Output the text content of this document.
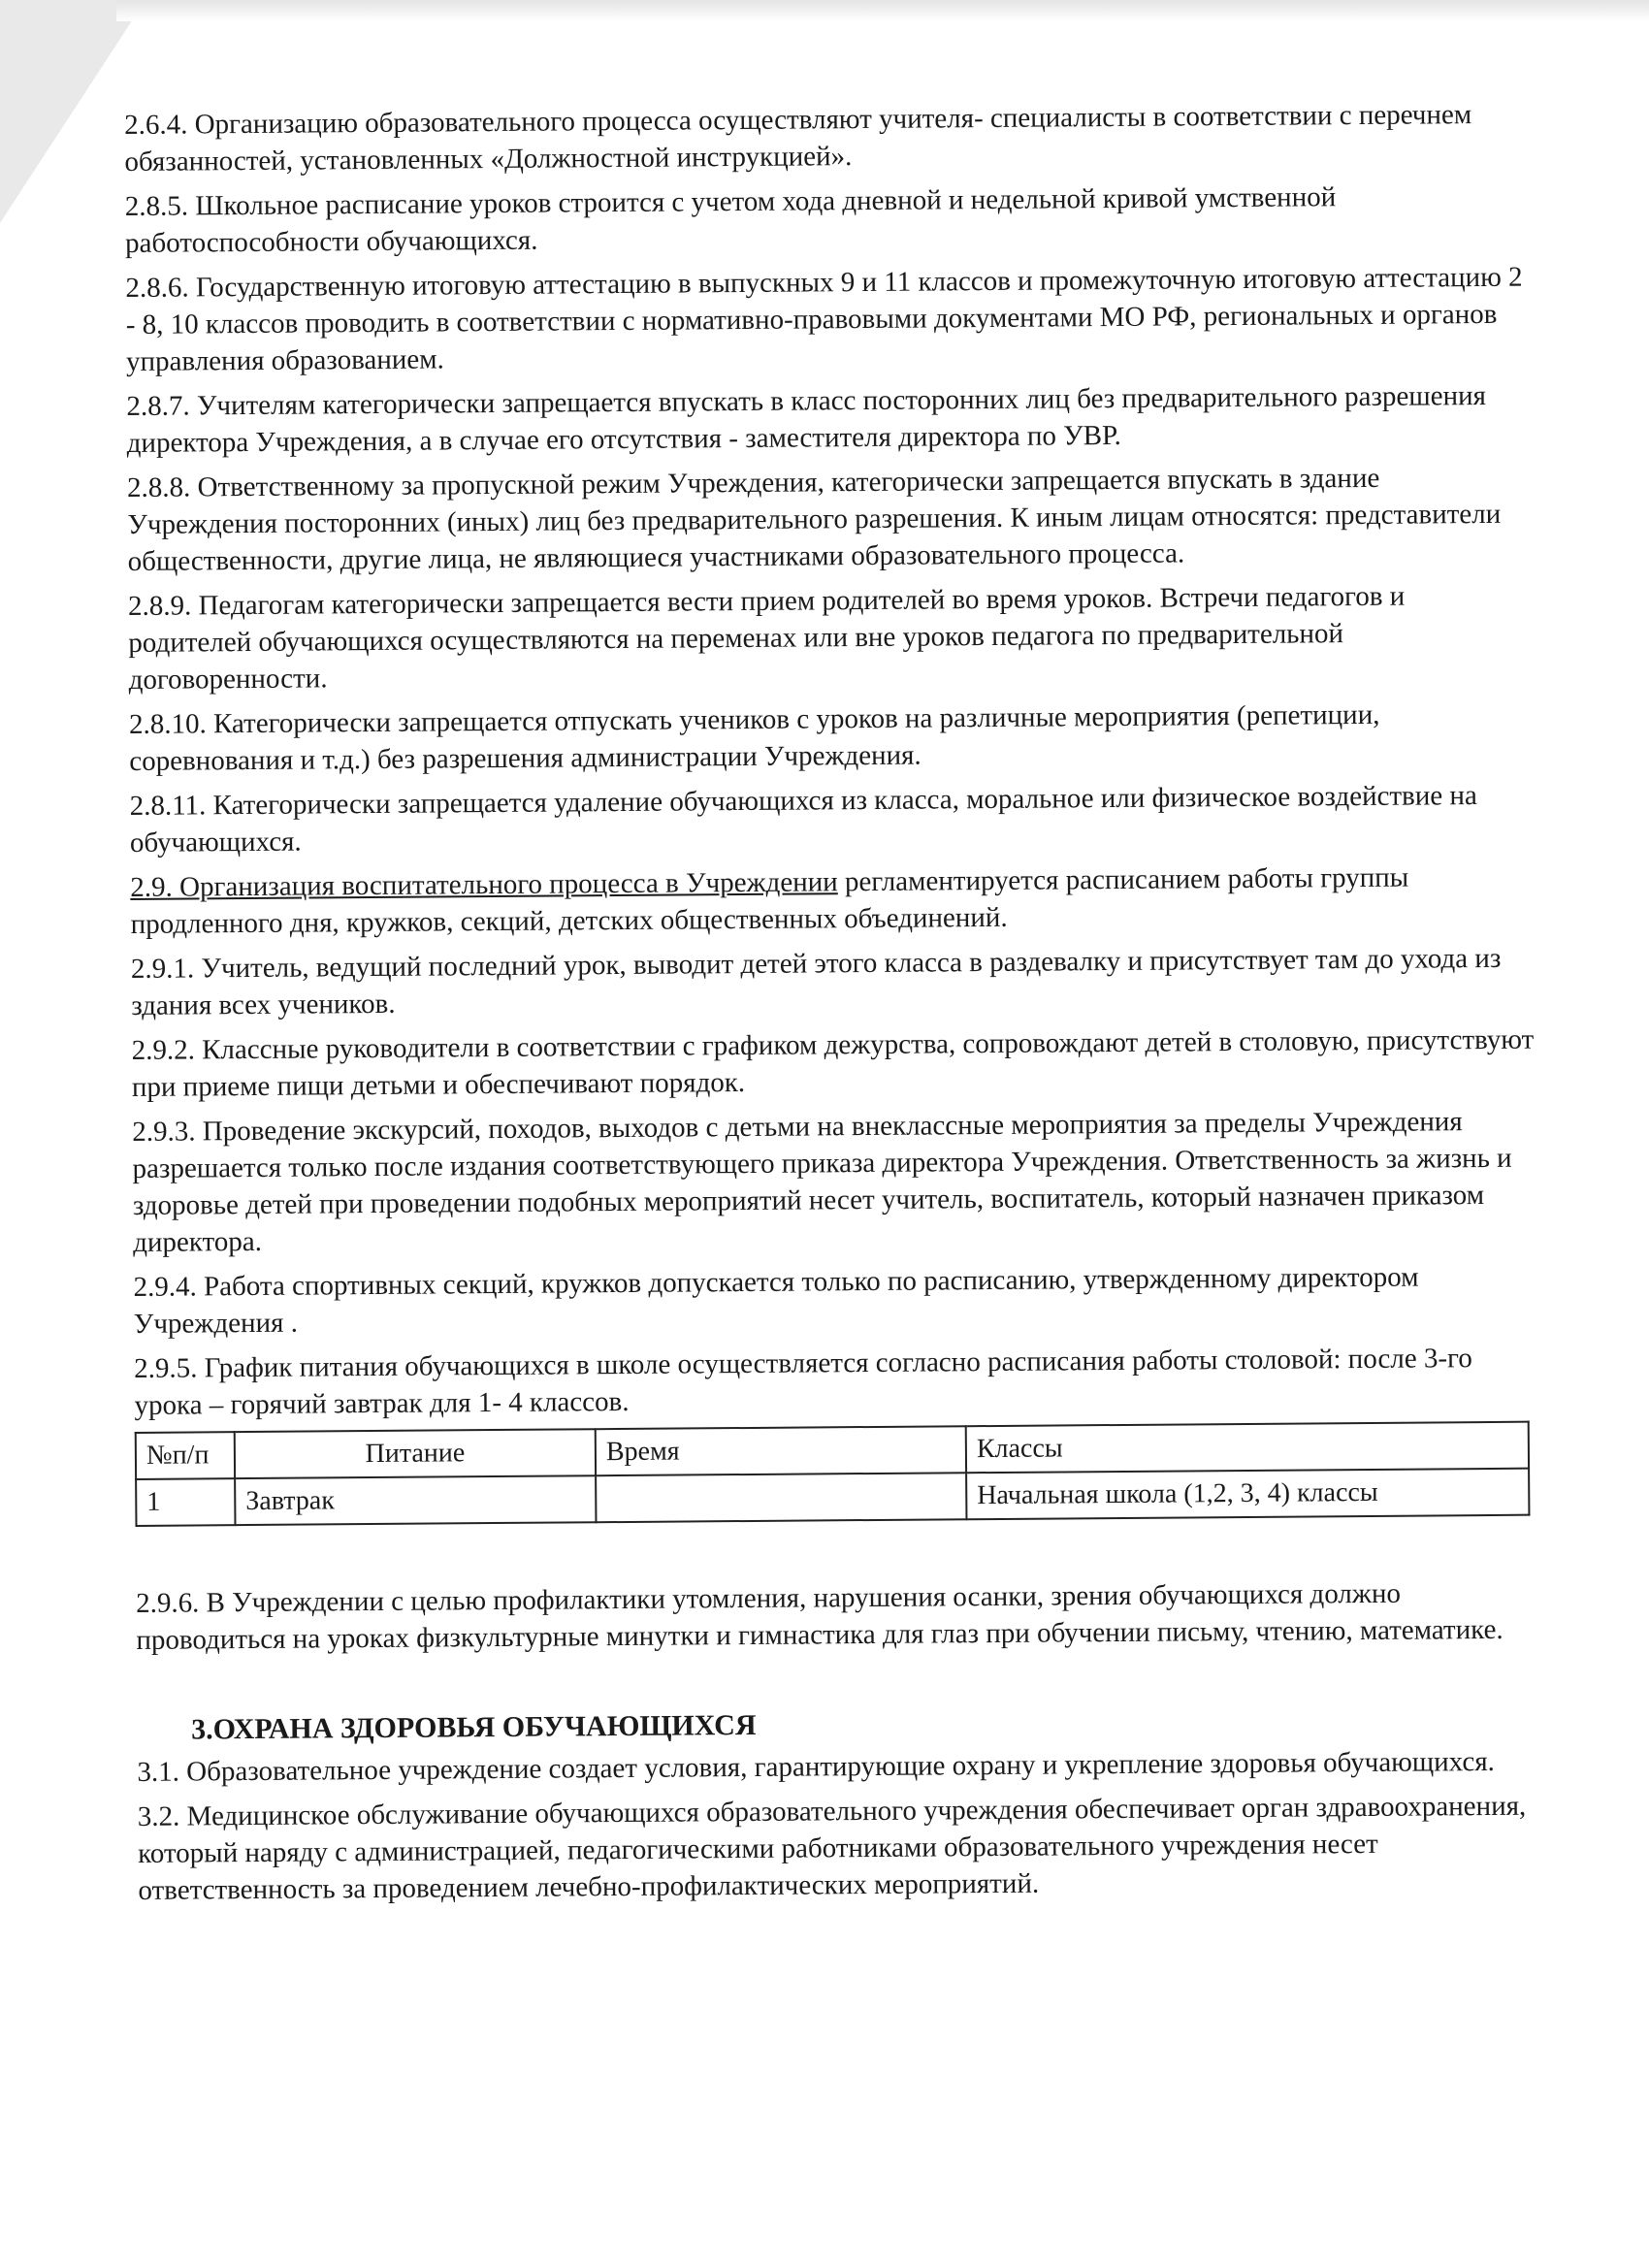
2.6.4. Организацию образовательного процесса осуществляют учителя- специалисты в соответствии с перечнем обязанностей, установленных «Должностной инструкцией».

2.8.5. Школьное расписание уроков строится с учетом хода дневной и недельной кривой умственной работоспособности обучающихся.

2.8.6. Государственную итоговую аттестацию в выпускных 9 и 11 классов и промежуточную итоговую аттестацию 2 - 8, 10 классов проводить в соответствии с нормативно-правовыми документами МО РФ, региональных и органов управления образованием.

2.8.7. Учителям категорически запрещается впускать в класс посторонних лиц без предварительного разрешения директора Учреждения, а в случае его отсутствия - заместителя директора по УВР.

2.8.8. Ответственному за пропускной режим Учреждения, категорически запрещается впускать в здание Учреждения посторонних (иных) лиц без предварительного разрешения. К иным лицам относятся: представители общественности, другие лица, не являющиеся участниками образовательного процесса.

2.8.9. Педагогам категорически запрещается вести прием родителей во время уроков. Встречи педагогов и родителей обучающихся осуществляются на переменах или вне уроков педагога по предварительной договоренности.

2.8.10. Категорически запрещается отпускать учеников с уроков на различные мероприятия (репетиции, соревнования и т.д.) без разрешения администрации Учреждения.

2.8.11. Категорически запрещается удаление обучающихся из класса, моральное или физическое воздействие на обучающихся.

2.9. Организация воспитательного процесса в Учреждении регламентируется расписанием работы группы продленного дня, кружков, секций, детских общественных объединений.

2.9.1. Учитель, ведущий последний урок, выводит детей этого класса в раздевалку и присутствует там до ухода из здания всех учеников.

2.9.2. Классные руководители в соответствии с графиком дежурства, сопровождают детей в столовую, присутствуют при приеме пищи детьми и обеспечивают порядок.

2.9.3. Проведение экскурсий, походов, выходов с детьми на внеклассные мероприятия за пределы Учреждения разрешается только после издания соответствующего приказа директора Учреждения. Ответственность за жизнь и здоровье детей при проведении подобных мероприятий несет учитель, воспитатель, который назначен приказом директора.

2.9.4. Работа спортивных секций, кружков допускается только по расписанию, утвержденному директором Учреждения .

2.9.5. График питания обучающихся в школе осуществляется согласно расписания работы столовой: после 3-го урока – горячий завтрак для 1- 4 классов.

№п/п	Питание	Время	Классы
1	Завтрак		Начальная школа (1,2, 3, 4) классы

2.9.6. В Учреждении с целью профилактики утомления, нарушения осанки, зрения обучающихся должно проводиться на уроках физкультурные минутки и гимнастика для глаз при обучении письму, чтению, математике.

3.ОХРАНА ЗДОРОВЬЯ ОБУЧАЮЩИХСЯ

3.1. Образовательное учреждение создает условия, гарантирующие охрану и укрепление здоровья обучающихся.

3.2. Медицинское обслуживание обучающихся образовательного учреждения обеспечивает орган здравоохранения, который наряду с администрацией, педагогическими работниками образовательного учреждения несет ответственность за проведением лечебно-профилактических мероприятий.
